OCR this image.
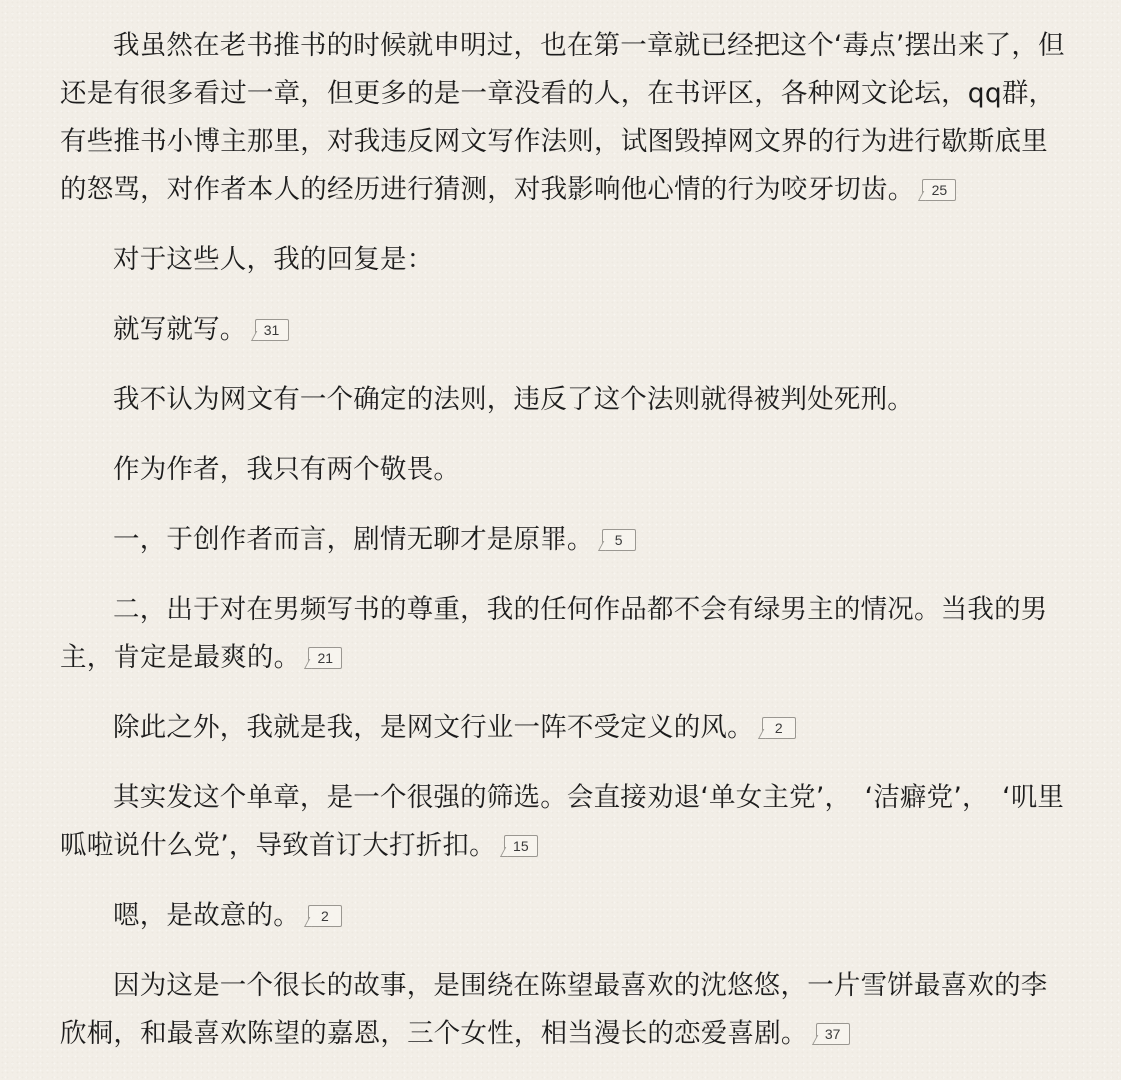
我虽然在老书推书的时候就申明过，也在第一章就已经把这个‘毒点’摆出来了，但还是有很多看过一章，但更多的是一章没看的人，在书评区，各种网文论坛，qq群，有些推书小博主那里，对我违反网文写作法则，试图毁掉网文界的行为进行歇斯底里的怒骂，对作者本人的经历进行猜测，对我影响他心情的行为咬牙切齿。 25

对于这些人，我的回复是：

就写就写。 31

我不认为网文有一个确定的法则，违反了这个法则就得被判处死刑。

作为作者，我只有两个敬畏。

一，于创作者而言，剧情无聊才是原罪。 5

二，出于对在男频写书的尊重，我的任何作品都不会有绿男主的情况。当我的男主，肯定是最爽的。 21

除此之外，我就是我，是网文行业一阵不受定义的风。 2

其实发这个单章，是一个很强的筛选。会直接劝退‘单女主党’，　‘洁癖党’，　‘叽里呱啦说什么党’，导致首订大打折扣。 15

嗯，是故意的。 2

因为这是一个很长的故事，是围绕在陈望最喜欢的沈悠悠，一片雪饼最喜欢的李欣桐，和最喜欢陈望的嘉恩，三个女性，相当漫长的恋爱喜剧。 37
